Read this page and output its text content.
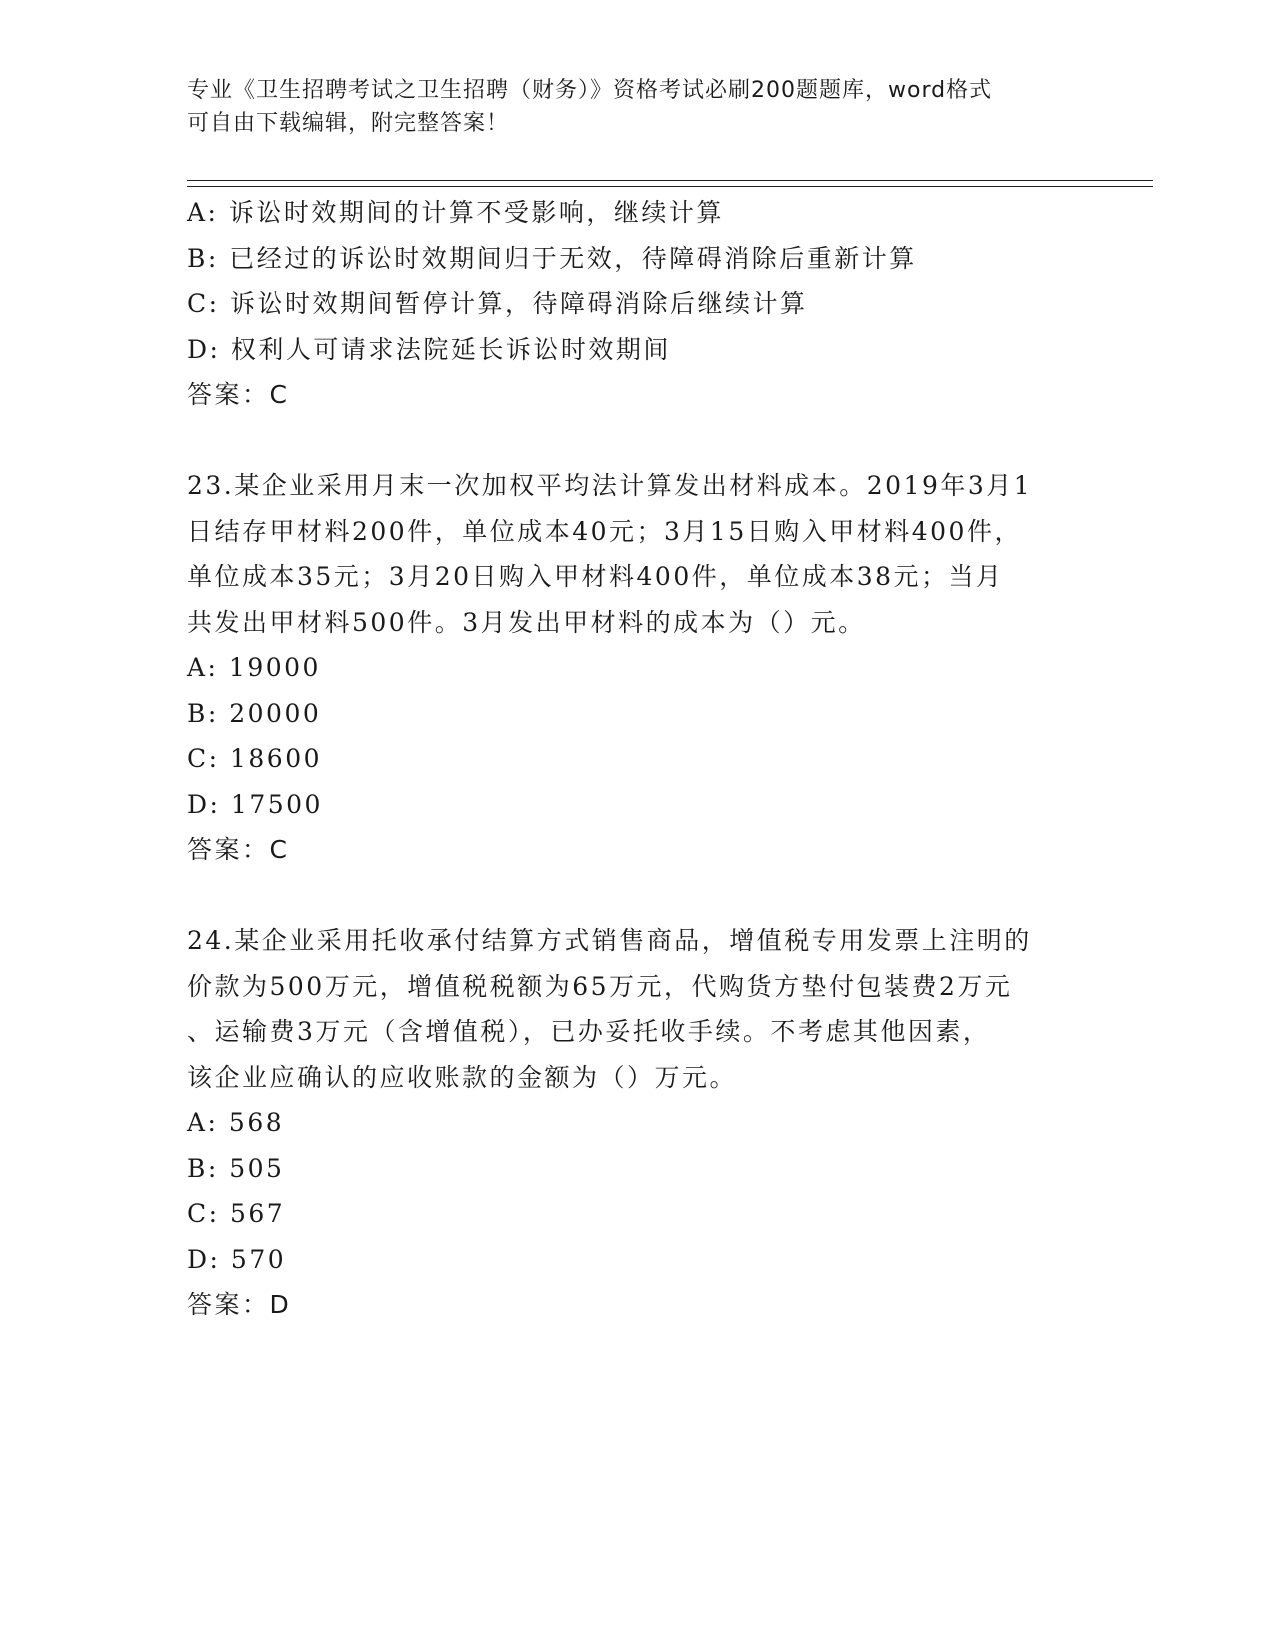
专业《卫生招聘考试之卫生招聘（财务）》资格考试必刷200题题库，word格式

可自由下载编辑，附完整答案！

A: 诉讼时效期间的计算不受影响，继续计算

B: 已经过的诉讼时效期间归于无效，待障碍消除后重新计算

C: 诉讼时效期间暂停计算，待障碍消除后继续计算

D: 权利人可请求法院延长诉讼时效期间

答案：C

23.某企业采用月末一次加权平均法计算发出材料成本。2019年3月1

日结存甲材料200件，单位成本40元；3月15日购入甲材料400件，

单位成本35元；3月20日购入甲材料400件，单位成本38元；当月

共发出甲材料500件。3月发出甲材料的成本为（）元。

A: 19000

B: 20000

C: 18600

D: 17500

答案：C

24.某企业采用托收承付结算方式销售商品，增值税专用发票上注明的

价款为500万元，增值税税额为65万元，代购货方垫付包装费2万元

、运输费3万元（含增值税），已办妥托收手续。不考虑其他因素，

该企业应确认的应收账款的金额为（）万元。

A: 568

B: 505

C: 567

D: 570

答案：D
